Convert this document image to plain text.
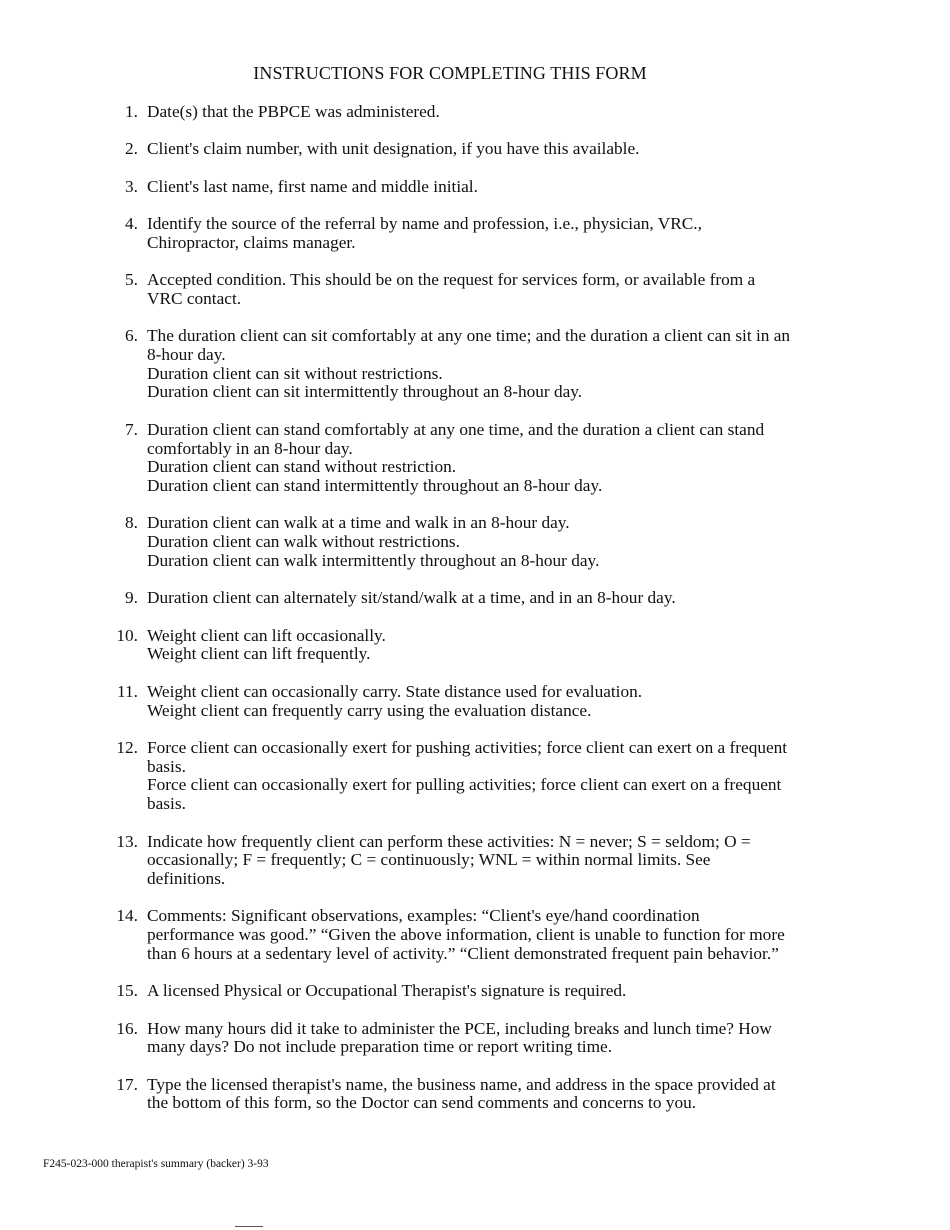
INSTRUCTIONS FOR COMPLETING THIS FORM
1. Date(s) that the PBPCE was administered.
2. Client's claim number, with unit designation, if you have this available.
3. Client's last name, first name and middle initial.
4. Identify the source of the referral by name and profession, i.e., physician, VRC.,
Chiropractor, claims manager.
5. Accepted condition. This should be on the request for services form, or available from a
VRC contact.
6. The duration client can sit comfortably at any one time; and the duration a client can sit in an
8-hour day.
Duration client can sit without restrictions.
Duration client can sit intermittently throughout an 8-hour day.
7. Duration client can stand comfortably at any one time, and the duration a client can stand
comfortably in an 8-hour day.
Duration client can stand without restriction.
Duration client can stand intermittently throughout an 8-hour day.
8. Duration client can walk at a time and walk in an 8-hour day.
Duration client can walk without restrictions.
Duration client can walk intermittently throughout an 8-hour day.
9. Duration client can alternately sit/stand/walk at a time, and in an 8-hour day.
10. Weight client can lift occasionally.
Weight client can lift frequently.
11. Weight client can occasionally carry. State distance used for evaluation.
Weight client can frequently carry using the evaluation distance.
12. Force client can occasionally exert for pushing activities; force client can exert on a frequent
basis.
Force client can occasionally exert for pulling activities; force client can exert on a frequent
basis.
13. Indicate how frequently client can perform these activities: N = never; S = seldom; O =
occasionally; F = frequently; C = continuously; WNL = within normal limits. See
definitions.
14. Comments: Significant observations, examples: “Client's eye/hand coordination
performance was good.” “Given the above information, client is unable to function for more
than 6 hours at a sedentary level of activity.” “Client demonstrated frequent pain behavior.”
15. A licensed Physical or Occupational Therapist's signature is required.
16. How many hours did it take to administer the PCE, including breaks and lunch time? How
many days? Do not include preparation time or report writing time.
17. Type the licensed therapist's name, the business name, and address in the space provided at
the bottom of this form, so the Doctor can send comments and concerns to you.
F245-023-000 therapist's summary (backer) 3-93
